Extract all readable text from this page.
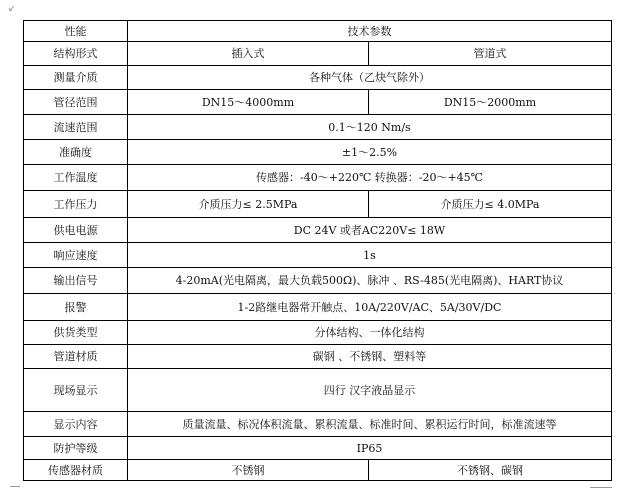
↙
性能	技术参数	
结构形式	插入式	管道式
测量介质	各种气体（乙炔气除外）	
管径范围	DN15～4000mm	DN15～2000mm
流速范围	0.1～120 Nm/s	
准确度	±1～2.5%	
工作温度	传感器：-40～+220℃ 转换器：-20～+45℃	
工作压力	介质压力≤ 2.5MPa	介质压力≤ 4.0MPa
供电电源	DC 24V 或者AC220V≤ 18W	
响应速度	1s	
输出信号	4-20mA(光电隔离，最大负载500Ω)、脉冲 、RS-485(光电隔离)、HART协议	
报警	1-2路继电器常开触点、10A/220V/AC、5A/30V/DC	
供货类型	分体结构、一体化结构	
管道材质	碳钢 、不锈钢、塑料等	
现场显示	四行 汉字液晶显示	
显示内容	质量流量、标况体积流量、累积流量、标准时间、累积运行时间，标准流速等	
防护等级	IP65	
传感器材质	不锈钢	不锈钢、碳钢
